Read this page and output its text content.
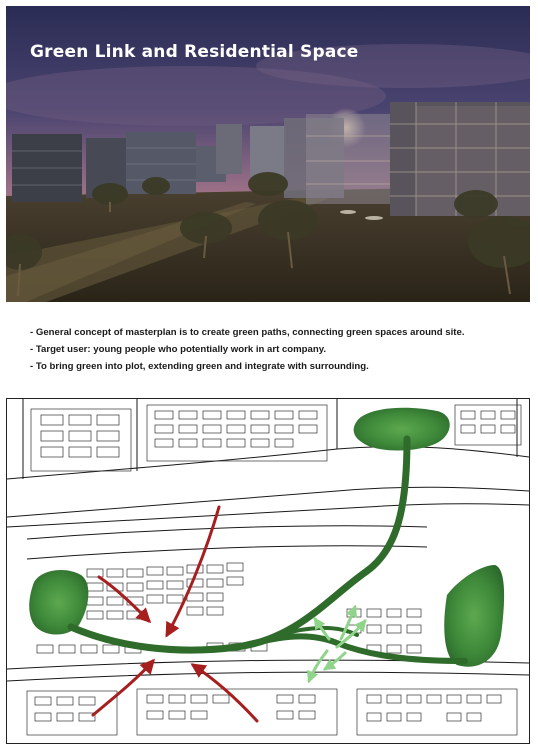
Green Link and Residential Space
- General concept of masterplan is to create green paths, connecting green spaces around site.
- Target user: young people who potentially work in art company.
- To bring green into plot, extending green and integrate with surrounding.
